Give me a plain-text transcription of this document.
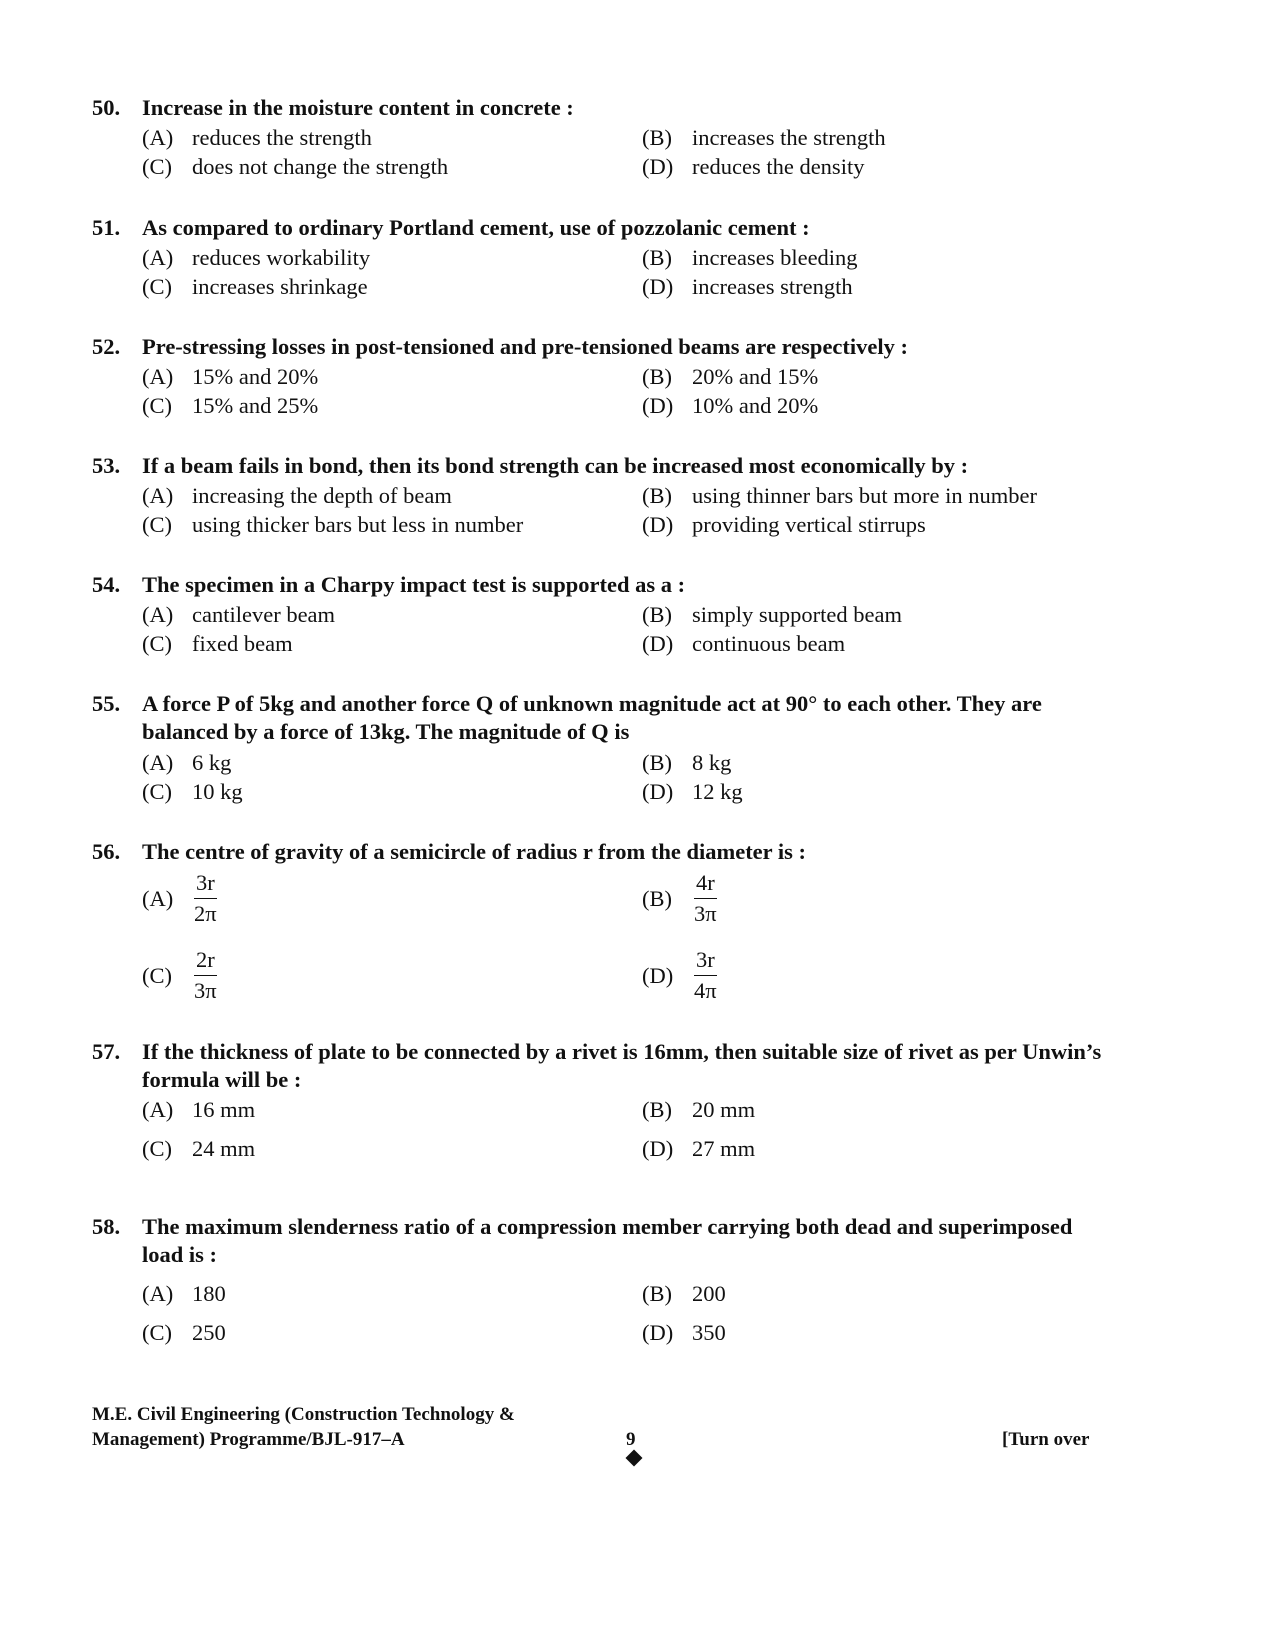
50. Increase in the moisture content in concrete :
(A) reduces the strength	(B) increases the strength
(C) does not change the strength	(D) reduces the density
51. As compared to ordinary Portland cement, use of pozzolanic cement :
(A) reduces workability	(B) increases bleeding
(C) increases shrinkage	(D) increases strength
52. Pre-stressing losses in post-tensioned and pre-tensioned beams are respectively :
(A) 15% and 20%	(B) 20% and 15%
(C) 15% and 25%	(D) 10% and 20%
53. If a beam fails in bond, then its bond strength can be increased most economically by :
(A) increasing the depth of beam	(B) using thinner bars but more in number
(C) using thicker bars but less in number	(D) providing vertical stirrups
54. The specimen in a Charpy impact test is supported as a :
(A) cantilever beam	(B) simply supported beam
(C) fixed beam	(D) continuous beam
55. A force P of 5kg and another force Q of unknown magnitude act at 90° to each other. They are balanced by a force of 13kg. The magnitude of Q is
(A) 6 kg	(B) 8 kg
(C) 10 kg	(D) 12 kg
56. The centre of gravity of a semicircle of radius r from the diameter is :
$(A) \frac{3r}{2\pi}$	$(B) \frac{4r}{3\pi}$
$(C) \frac{2r}{3\pi}$	$(D) \frac{3r}{4\pi}$
57. If the thickness of plate to be connected by a rivet is 16mm, then suitable size of rivet as per Unwin’s formula will be :
(A) 16 mm	(B) 20 mm
(C) 24 mm	(D) 27 mm
58. The maximum slenderness ratio of a compression member carrying both dead and superimposed load is :
(A) 180	(B) 200
(C) 250	(D) 350
M.E. Civil Engineering (Construction Technology &
Management) Programme/BJL-917–A	9	[Turn over
